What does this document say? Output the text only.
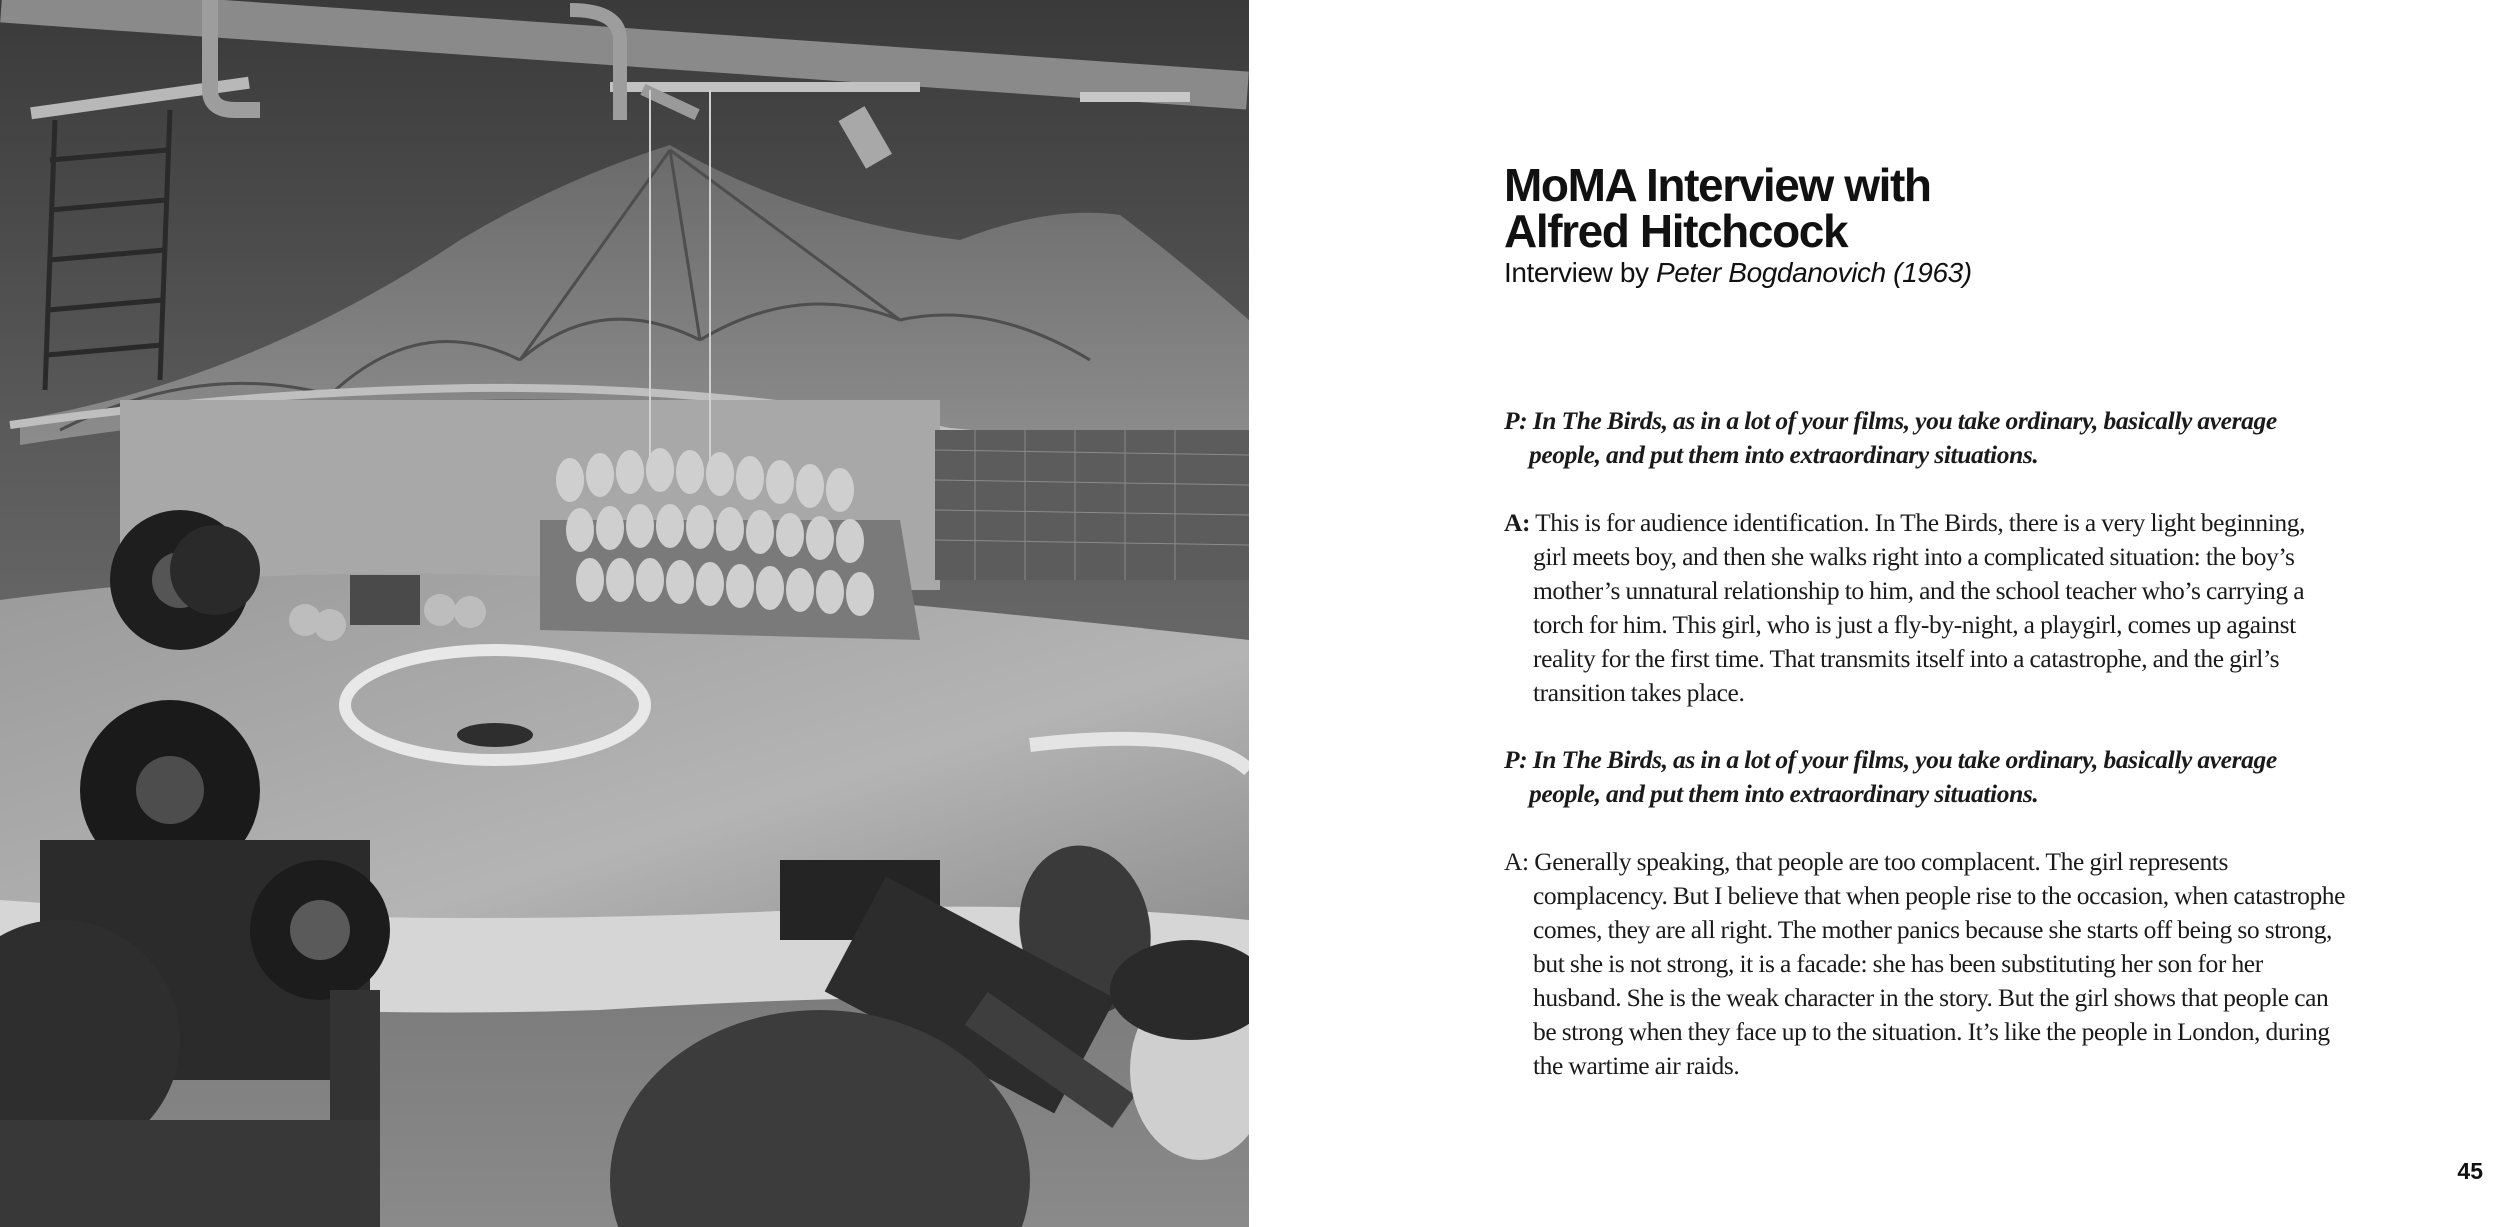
MoMA Interview with
Alfred Hitchcock

Interview by Peter Bogdanovich (1963)

P: In The Birds, as in a lot of your films, you take ordinary, basically average
people, and put them into extraordinary situations.
A: This is for audience identification. In The Birds, there is a very light beginning,
girl meets boy, and then she walks right into a complicated situation: the boy’s
mother’s unnatural relationship to him, and the school teacher who’s carrying a
torch for him. This girl, who is just a fly-by-night, a playgirl, comes up against
reality for the first time. That transmits itself into a catastrophe, and the girl’s
transition takes place.
P: In The Birds, as in a lot of your films, you take ordinary, basically average
people, and put them into extraordinary situations.
A: Generally speaking, that people are too complacent. The girl represents
complacency. But I believe that when people rise to the occasion, when catastrophe
comes, they are all right. The mother panics because she starts off being so strong,
but she is not strong, it is a facade: she has been substituting her son for her
husband. She is the weak character in the story. But the girl shows that people can
be strong when they face up to the situation. It’s like the people in London, during
the wartime air raids.

45
